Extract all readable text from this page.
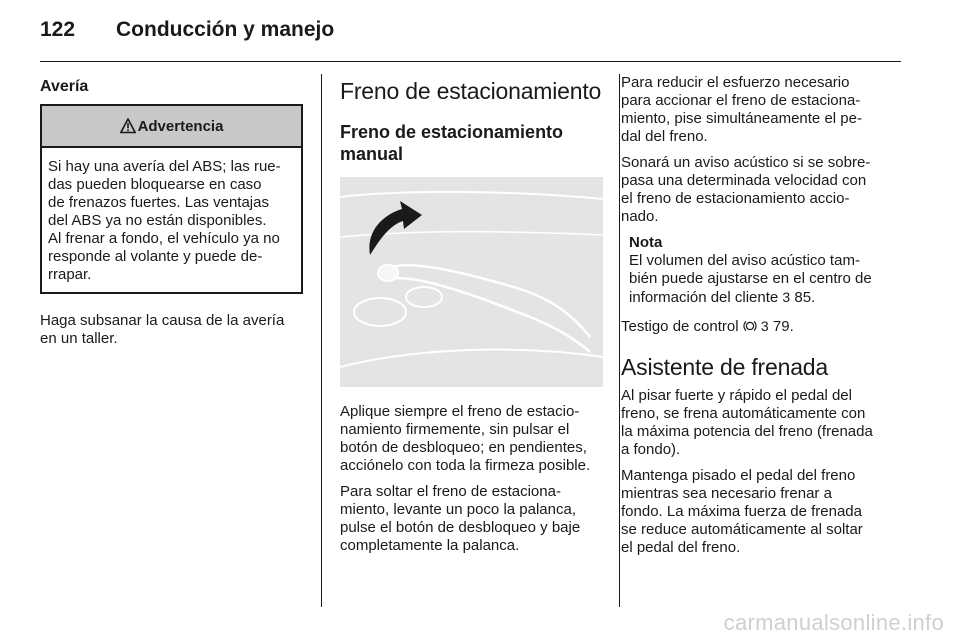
122	Conducción y manejo
Avería
Advertencia
Si hay una avería del ABS; las rue-
das pueden bloquearse en caso
de frenazos fuertes. Las ventajas
del ABS ya no están disponibles.
Al frenar a fondo, el vehículo ya no
responde al volante y puede de-
rrapar.
Haga subsanar la causa de la avería
en un taller.
Freno de estacionamiento
Freno de estacionamiento
manual
Aplique siempre el freno de estacio-
namiento firmemente, sin pulsar el
botón de desbloqueo; en pendientes,
acciónelo con toda la firmeza posible.
Para soltar el freno de estaciona-
miento, levante un poco la palanca,
pulse el botón de desbloqueo y baje
completamente la palanca.
Para reducir el esfuerzo necesario
para accionar el freno de estaciona-
miento, pise simultáneamente el pe-
dal del freno.
Sonará un aviso acústico si se sobre-
pasa una determinada velocidad con
el freno de estacionamiento accio-
nado.
Nota
El volumen del aviso acústico tam-
bién puede ajustarse en el centro de
información del cliente 3 85.
Testigo de control 3 79.
Asistente de frenada
Al pisar fuerte y rápido el pedal del
freno, se frena automáticamente con
la máxima potencia del freno (frenada
a fondo).
Mantenga pisado el pedal del freno
mientras sea necesario frenar a
fondo. La máxima fuerza de frenada
se reduce automáticamente al soltar
el pedal del freno.
carmanualsonline.info
